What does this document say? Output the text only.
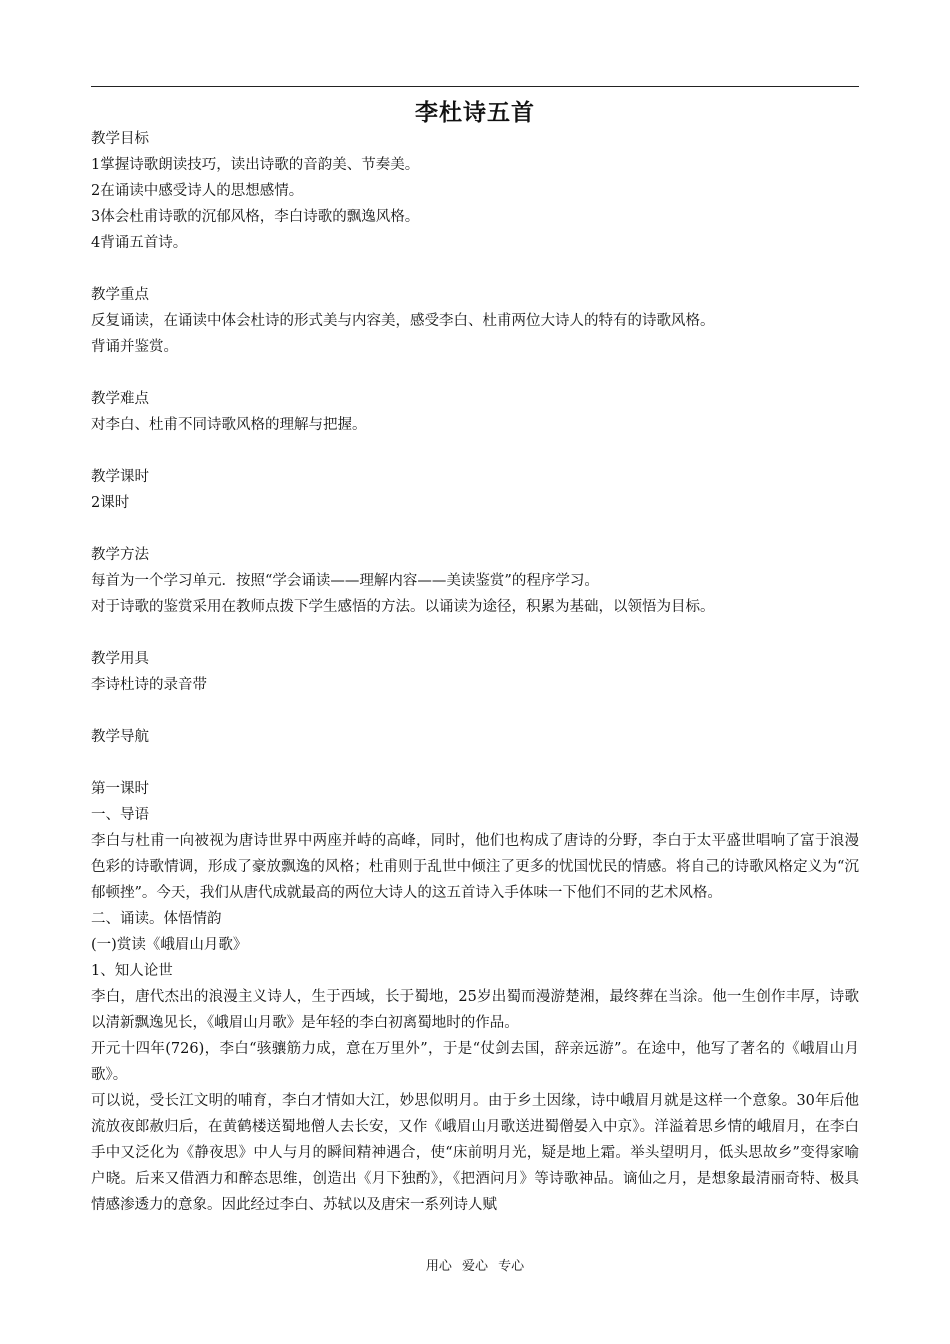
李杜诗五首

教学目标

1掌握诗歌朗读技巧，读出诗歌的音韵美、节奏美。

2在诵读中感受诗人的思想感情。

3体会杜甫诗歌的沉郁风格，李白诗歌的飘逸风格。

4背诵五首诗。

教学重点

反复诵读，在诵读中体会杜诗的形式美与内容美，感受李白、杜甫两位大诗人的特有的诗歌风格。

背诵并鉴赏。

教学难点

对李白、杜甫不同诗歌风格的理解与把握。

教学课时

2课时

教学方法

每首为一个学习单元．按照“学会诵读——理解内容——美读鉴赏”的程序学习。

对于诗歌的鉴赏采用在教师点拨下学生感悟的方法。以诵读为途径，积累为基础，以领悟为目标。

教学用具

李诗杜诗的录音带

教学导航

第一课时

一、导语

李白与杜甫一向被视为唐诗世界中两座并峙的高峰，同时，他们也构成了唐诗的分野，李白于太平盛世唱响了富于浪漫色彩的诗歌情调，形成了豪放飘逸的风格；杜甫则于乱世中倾注了更多的忧国忧民的情感。将自己的诗歌风格定义为“沉郁顿挫”。今天，我们从唐代成就最高的两位大诗人的这五首诗入手体味一下他们不同的艺术风格。

二、诵读。体悟情韵

(一)赏读《峨眉山月歌》

1、知人论世

李白，唐代杰出的浪漫主义诗人，生于西域，长于蜀地，25岁出蜀而漫游楚湘，最终葬在当涂。他一生创作丰厚，诗歌以清新飘逸见长，《峨眉山月歌》是年轻的李白初离蜀地时的作品。

开元十四年(726)，李白“骇骧筋力成，意在万里外”，于是“仗剑去国，辞亲远游”。在途中，他写了著名的《峨眉山月歌》。

可以说，受长江文明的哺育，李白才情如大江，妙思似明月。由于乡土因缘，诗中峨眉月就是这样一个意象。30年后他流放夜郎赦归后，在黄鹤楼送蜀地僧人去长安，又作《峨眉山月歌送进蜀僧晏入中京》。洋溢着思乡情的峨眉月，在李白手中又泛化为《静夜思》中人与月的瞬间精神遇合，使“床前明月光，疑是地上霜。举头望明月，低头思故乡”变得家喻户晓。后来又借酒力和醉态思维，创造出《月下独酌》，《把酒问月》等诗歌神品。谪仙之月，是想象最清丽奇特、极具情感渗透力的意象。因此经过李白、苏轼以及唐宋一系列诗人赋

用心 爱心 专心
